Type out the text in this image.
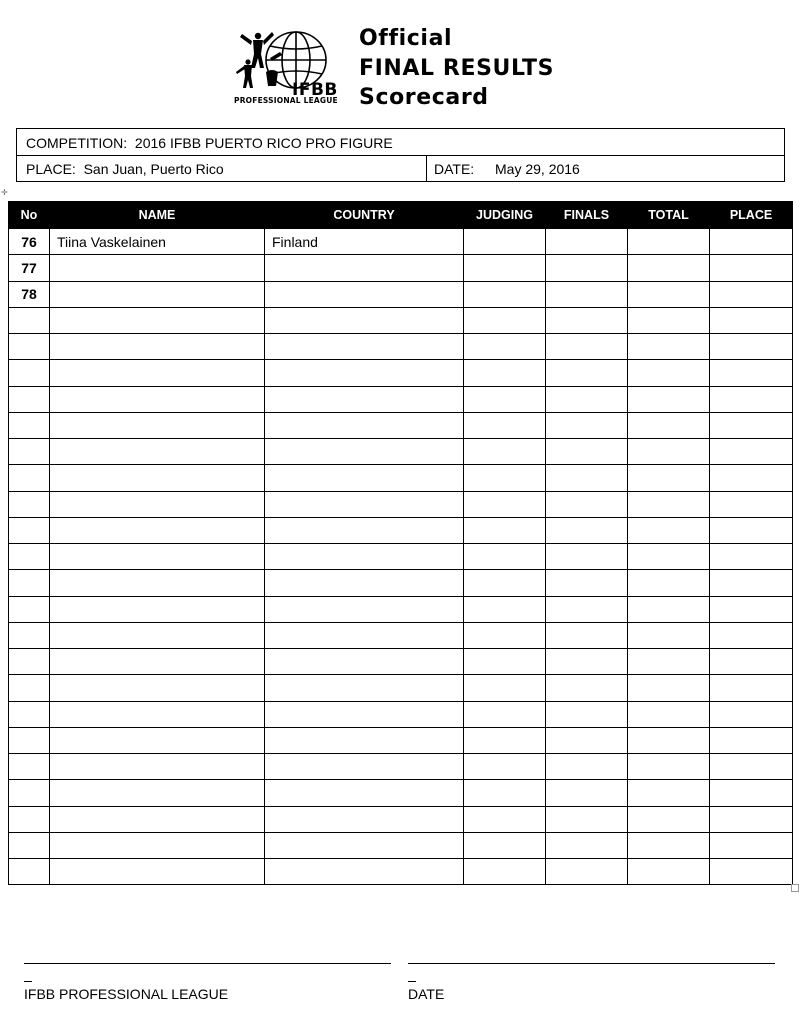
IFBB
PROFESSIONAL LEAGUE
Official
FINAL RESULTS
Scorecard
COMPETITION: 2016 IFBB PUERTO RICO PRO FIGURE
PLACE: San Juan, Puerto Rico	DATE: May 29, 2016
✛
No	NAME	COUNTRY	JUDGING	FINALS	TOTAL	PLACE
76	Tiina Vaskelainen	Finland				
77						
78						

IFBB PROFESSIONAL LEAGUE	DATE
